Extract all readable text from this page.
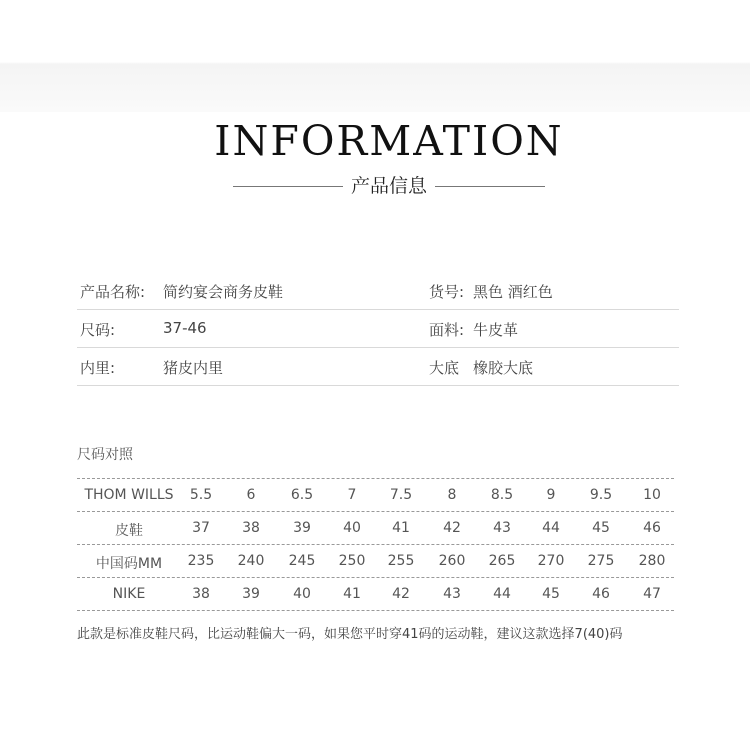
INFORMATION
产品信息
产品名称: 简约宴会商务皮鞋	货号: 黑色 酒红色
尺码:	37-46	面料: 牛皮革
内里:	猪皮内里	大底 橡胶大底
尺码对照
THOM WILLS	5.5	6	6.5	7	7.5	8	8.5	9	9.5	10
皮鞋	37	38	39	40	41	42	43	44	45	46
中国码MM	235	240	245	250	255	260	265	270	275	280
NIKE	38	39	40	41	42	43	44	45	46	47
此款是标准皮鞋尺码，比运动鞋偏大一码，如果您平时穿41码的运动鞋，建议这款选择7(40)码
